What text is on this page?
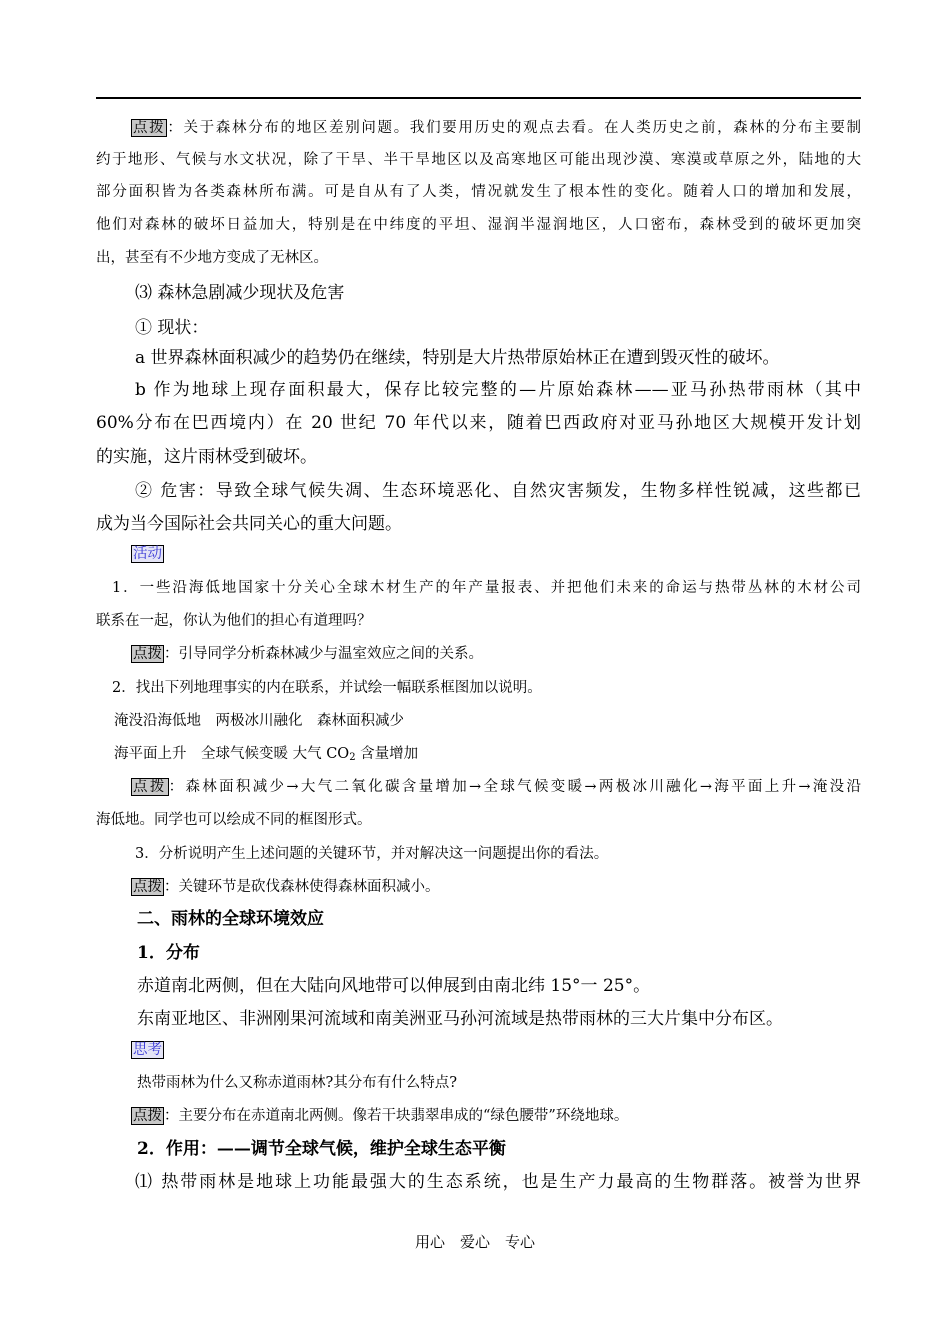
点拨 ：关于森林分布的地区差别问题。我们要用历史的观点去看。在人类历史之前，森林的分布主要制
约于地形、气候与水文状况，除了干旱、半干旱地区以及高寒地区可能出现沙漠、寒漠或草原之外，陆地的大
部分面积皆为各类森林所布满。可是自从有了人类，情况就发生了根本性的变化。随着人口的增加和发展，
他们对森林的破坏日益加大，特别是在中纬度的平坦、湿润半湿润地区，人口密布，森林受到的破坏更加突
出，甚至有不少地方变成了无林区。
⑶ 森林急剧减少现状及危害
① 现状：
a 世界森林面积减少的趋势仍在继续，特别是大片热带原始林正在遭到毁灭性的破坏。
b 作为地球上现存面积最大，保存比较完整的—片原始森林——亚马孙热带雨林（其中
60%分布在巴西境内）在 20 世纪 70 年代以来，随着巴西政府对亚马孙地区大规模开发计划
的实施，这片雨林受到破坏。
② 危害：导致全球气候失凋、生态环境恶化、自然灾害频发，生物多样性锐减，这些都已
成为当今国际社会共同关心的重大问题。
活动
1．一些沿海低地国家十分关心全球木材生产的年产量报表、并把他们未来的命运与热带丛林的木材公司
联系在一起，你认为他们的担心有道理吗？
点拨 ：引导同学分析森林减少与温室效应之间的关系。
2．找出下列地理事实的内在联系，并试绘一幅联系框图加以说明。
淹没沿海低地　两极冰川融化　森林面积减少
海平面上升　全球气候变暖 大气 $CO_2$ 含量增加
点拨 ：森林面积减少→大气二氧化碳含量增加→全球气候变暖→两极冰川融化→海平面上升→淹没沿
海低地。同学也可以绘成不同的框图形式。
3．分析说明产生上述问题的关键环节，并对解决这一问题提出你的看法。
点拨 ：关键环节是砍伐森林使得森林面积减小。
二、雨林的全球环境效应
1．分布
赤道南北两侧，但在大陆向风地带可以伸展到由南北纬 15°一 25°。
东南亚地区、非洲刚果河流域和南美洲亚马孙河流域是热带雨林的三大片集中分布区。
思考
热带雨林为什么又称赤道雨林?其分布有什么特点?
点拨 ：主要分布在赤道南北两侧。像若干块翡翠串成的“绿色腰带”环绕地球。
2．作用：——调节全球气候，维护全球生态平衡
⑴ 热带雨林是地球上功能最强大的生态系统，也是生产力最高的生物群落。被誉为世界
用心　爱心　专心
